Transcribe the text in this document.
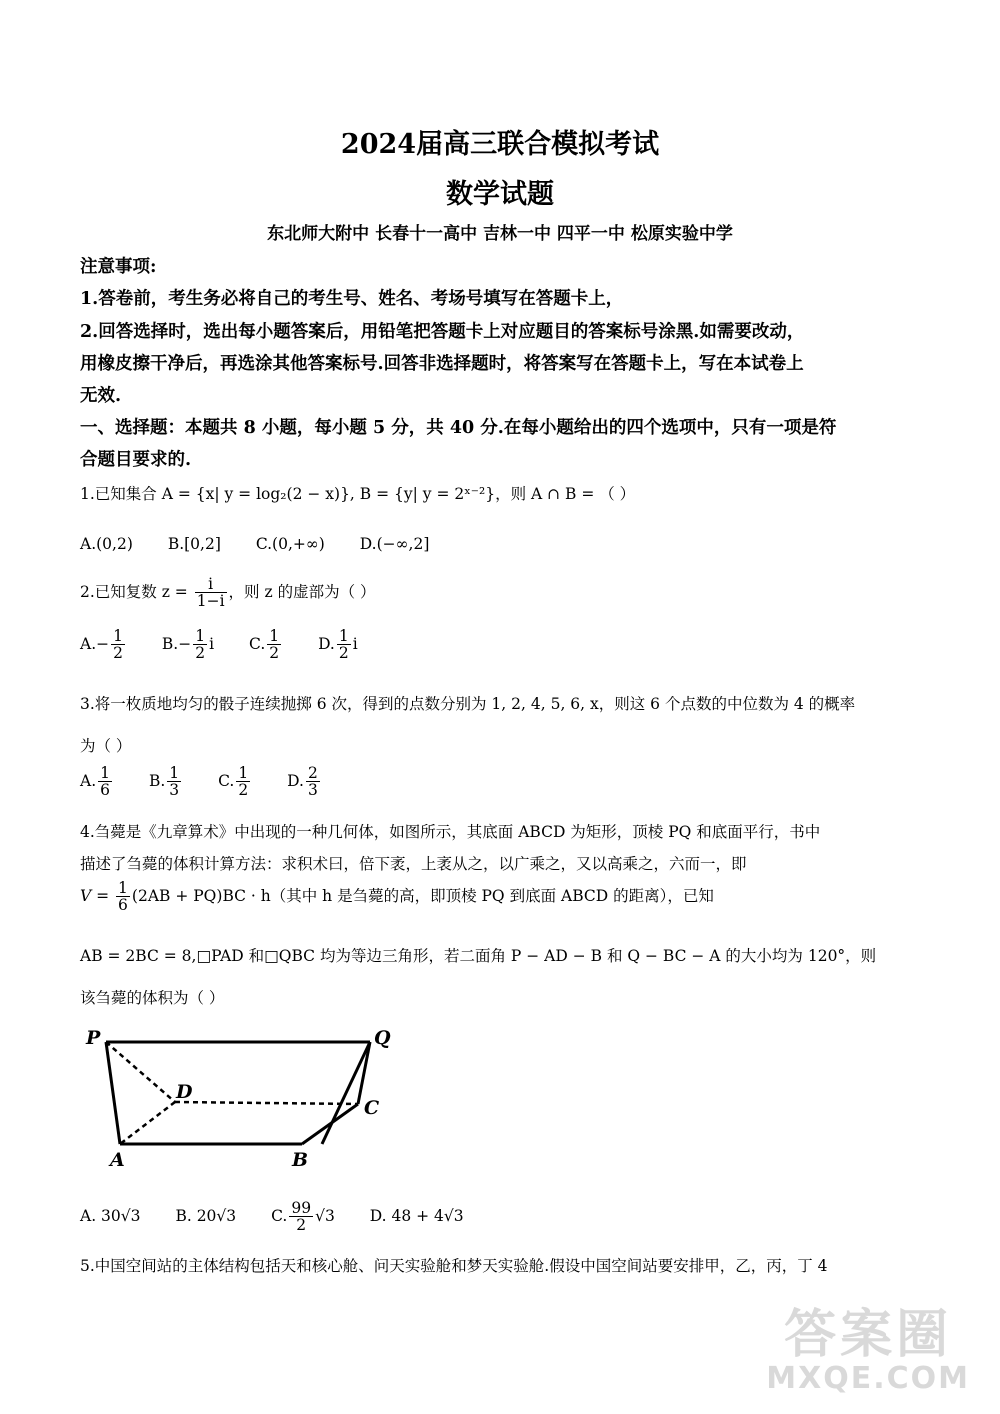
2024届高三联合模拟考试
数学试题
东北师大附中 长春十一高中 吉林一中 四平一中 松原实验中学
注意事项:
1.答卷前，考生务必将自己的考生号、姓名、考场号填写在答题卡上，
2.回答选择时，选出每小题答案后，用铅笔把答题卡上对应题目的答案标号涂黑.如需要改动，
用橡皮擦干净后，再选涂其他答案标号.回答非选择题时，将答案写在答题卡上，写在本试卷上
无效.
一、选择题：本题共 8 小题，每小题 5 分，共 40 分.在每小题给出的四个选项中，只有一项是符
合题目要求的.
1.已知集合 A = {x| y = log₂(2 − x)}, B = {y| y = 2ˣ⁻²}，则 A ∩ B = （ ）
A.(0,2) B.[0,2] C.(0,+∞) D.(−∞,2]
2.已知复数 $z = \frac{i}{1-i}$ ，则 z 的虚部为（ ）
$A.- \frac{1}{2} B.- \frac{1}{2}$ i C. $\frac{1}{2} D$. $\frac{1}{2}$ i
3.将一枚质地均匀的骰子连续抛掷 6 次，得到的点数分别为 1, 2, 4, 5, 6, x，则这 6 个点数的中位数为 4 的概率
为（ ）
A. $\frac{1}{6} B$. $\frac{1}{3} C$. $\frac{1}{2} D$. $\frac{2}{3}$
4.刍薨是《九章算术》中出现的一种几何体，如图所示，其底面 ABCD 为矩形，顶棱 PQ 和底面平行，书中
描述了刍薨的体积计算方法：求积术曰，倍下袤，上袤从之，以广乘之，又以高乘之，六而一，即
$V = \frac{1}{6} (2AB + PQ)BC \cdot h$（其中 h 是刍薨的高，即顶棱 PQ 到底面 ABCD 的距离），已知
AB = 2BC = 8,□PAD 和□QBC 均为等边三角形，若二面角 P − AD − B 和 Q − BC − A 的大小均为 120°，则
该刍薨的体积为（ ）
P	Q
D
C
A	B
A. 30√3 B. 20√3 C. $\frac{99}{2} √3$ D. 48 + 4√3
5.中国空间站的主体结构包括天和核心舱、问天实验舱和梦天实验舱.假设中国空间站要安排甲，乙，丙，丁 4
答案圈
MXQE.COM
